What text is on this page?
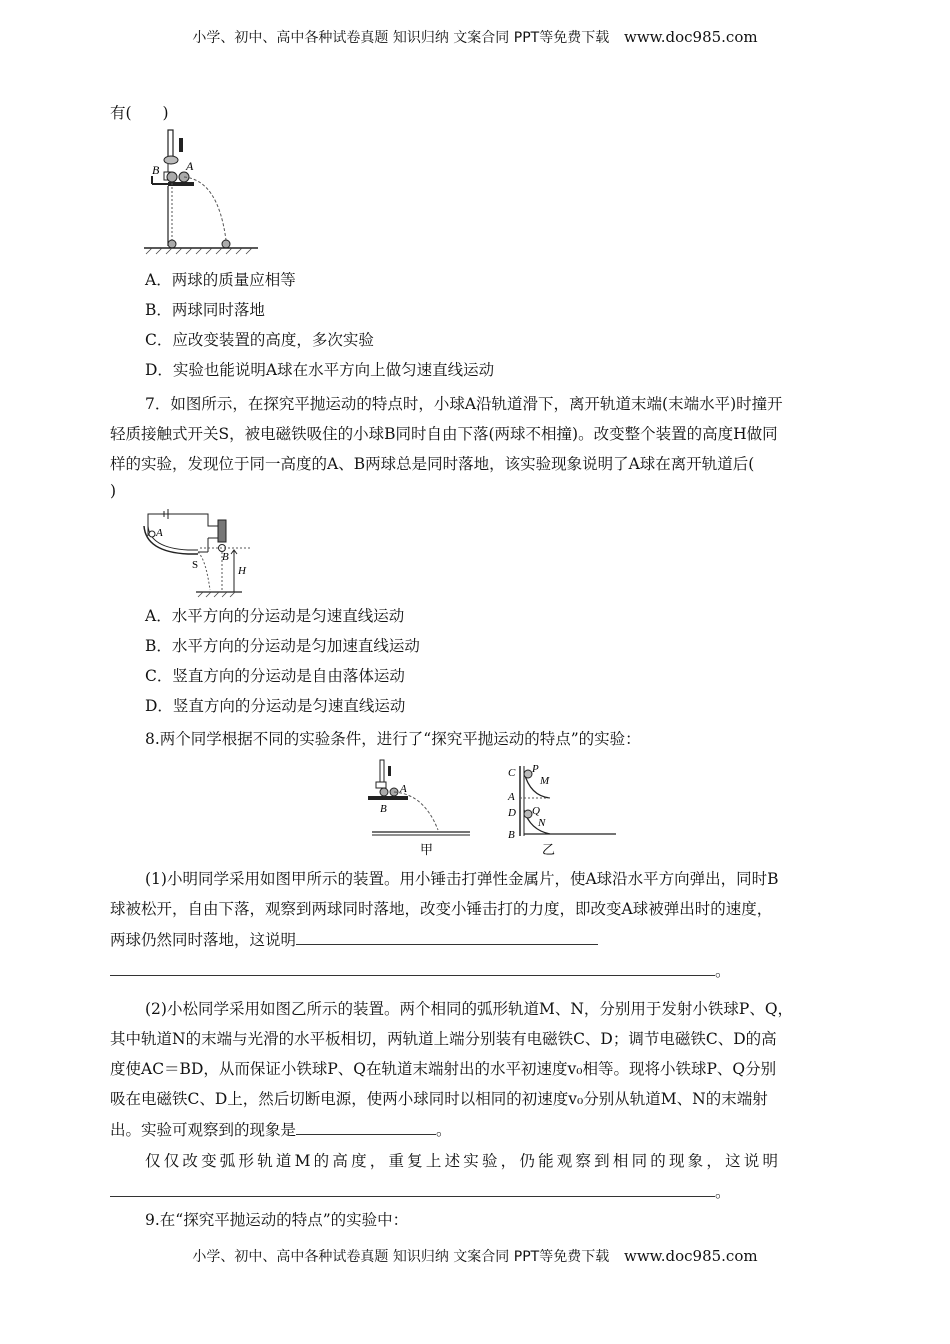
小学、初中、高中各种试卷真题 知识归纳 文案合同 PPT等免费下载 www.doc985.com
有(　　)
B A
A．两球的质量应相等
B．两球同时落地
C．应改变装置的高度，多次实验
D．实验也能说明A球在水平方向上做匀速直线运动
7．如图所示，在探究平抛运动的特点时，小球A沿轨道滑下，离开轨道末端(末端水平)时撞开
轻质接触式开关S，被电磁铁吸住的小球B同时自由下落(两球不相撞)。改变整个装置的高度H做同
样的实验，发现位于同一高度的A、B两球总是同时落地，该实验现象说明了A球在离开轨道后(
)
A
S
B
H
A．水平方向的分运动是匀速直线运动
B．水平方向的分运动是匀加速直线运动
C．竖直方向的分运动是自由落体运动
D．竖直方向的分运动是匀速直线运动
8.两个同学根据不同的实验条件，进行了“探究平抛运动的特点”的实验：
A
B
甲
C P
M
A
Q
D
N
B
乙
(1)小明同学采用如图甲所示的装置。用小锤击打弹性金属片，使A球沿水平方向弹出，同时B
球被松开，自由下落，观察到两球同时落地，改变小锤击打的力度，即改变A球被弹出时的速度，
两球仍然同时落地，这说明
。
(2)小松同学采用如图乙所示的装置。两个相同的弧形轨道M、N，分别用于发射小铁球P、Q，
其中轨道N的末端与光滑的水平板相切，两轨道上端分别装有电磁铁C、D；调节电磁铁C、D的高
度使AC＝BD，从而保证小铁球P、Q在轨道末端射出的水平初速度v₀相等。现将小铁球P、Q分别
吸在电磁铁C、D上，然后切断电源，使两小球同时以相同的初速度v₀分别从轨道M、N的末端射
出。实验可观察到的现象是	。
仅仅改变弧形轨道M的高度，重复上述实验，仍能观察到相同的现象，这说明
。
9.在“探究平抛运动的特点”的实验中：
小学、初中、高中各种试卷真题 知识归纳 文案合同 PPT等免费下载 www.doc985.com
